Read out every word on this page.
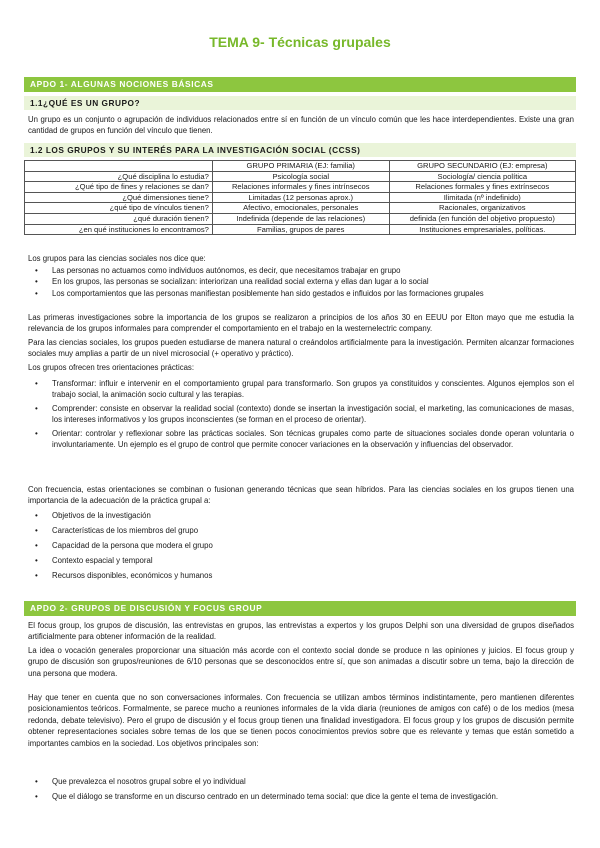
TEMA 9- Técnicas grupales
APDO 1- ALGUNAS NOCIONES BÁSICAS
1.1¿QUÉ ES UN GRUPO?

Un grupo es un conjunto o agrupación de individuos relacionados entre sí en función de un vínculo común que les hace interdependientes. Existe una gran cantidad de grupos en función del vínculo que tienen.

1.2 LOS GRUPOS Y SU INTERÉS PARA LA INVESTIGACIÓN SOCIAL (CCSS)
	GRUPO PRIMARIA (EJ: familia)	GRUPO SECUNDARIO (EJ: empresa)
¿Qué disciplina lo estudia?	Psicología social	Sociología/ ciencia política
¿Qué tipo de fines y relaciones se dan?	Relaciones informales y fines intrínsecos	Relaciones formales y fines extrínsecos
¿Qué dimensiones tiene?	Limitadas (12 personas aprox.)	Ilimitada (nº indefinido)
¿qué tipo de vínculos tienen?	Afectivo, emocionales, personales	Racionales, organizativos
¿qué duración tienen?	Indefinida (depende de las relaciones)	definida (en función del objetivo propuesto)
¿en qué instituciones lo encontramos?	Familias, grupos de pares	Instituciones empresariales, políticas.

Los grupos para las ciencias sociales nos dice que:

• Las personas no actuamos como individuos autónomos, es decir, que necesitamos trabajar en grupo
• En los grupos, las personas se socializan: interiorizan una realidad social externa y ellas dan lugar a lo social
• Los comportamientos que las personas manifiestan posiblemente han sido gestados e influidos por las formaciones grupales

Las primeras investigaciones sobre la importancia de los grupos se realizaron a principios de los años 30 en EEUU por Elton mayo que me estudia la relevancia de los grupos informales para comprender el comportamiento en el trabajo en la westernelectric company.

Para las ciencias sociales, los grupos pueden estudiarse de manera natural o creándolos artificialmente para la investigación. Permiten alcanzar formaciones sociales muy amplias a partir de un nivel microsocial (+ operativo y práctico).

Los grupos ofrecen tres orientaciones prácticas:

• Transformar: influir e intervenir en el comportamiento grupal para transformarlo. Son grupos ya constituidos y conscientes. Algunos ejemplos son el trabajo social, la animación socio cultural y las terapias.
• Comprender: consiste en observar la realidad social (contexto) donde se insertan la investigación social, el marketing, las comunicaciones de masas, los intereses informativos y los grupos inconscientes (se forman en el proceso de orientar).
• Orientar: controlar y reflexionar sobre las prácticas sociales. Son técnicas grupales como parte de situaciones sociales donde operan voluntaria o involuntariamente. Un ejemplo es el grupo de control que permite conocer variaciones en la observación y influencias del observador.

Con frecuencia, estas orientaciones se combinan o fusionan generando técnicas que sean híbridos. Para las ciencias sociales en los grupos tienen una importancia de la adecuación de la práctica grupal a:

• Objetivos de la investigación
• Características de los miembros del grupo
• Capacidad de la persona que modera el grupo
• Contexto espacial y temporal
• Recursos disponibles, económicos y humanos
APDO 2- GRUPOS DE DISCUSIÓN Y FOCUS GROUP

El focus group, los grupos de discusión, las entrevistas en grupos, las entrevistas a expertos y los grupos Delphi son una diversidad de grupos diseñados artificialmente para obtener información de la realidad.

La idea o vocación generales proporcionar una situación más acorde con el contexto social donde se produce n las opiniones y juicios. El focus group y grupo de discusión son grupos/reuniones de 6/10 personas que se desconocidos entre sí, que son animadas a discutir sobre un tema, bajo la dirección de una persona que modera.

Hay que tener en cuenta que no son conversaciones informales. Con frecuencia se utilizan ambos términos indistintamente, pero mantienen diferentes posicionamientos teóricos. Formalmente, se parece mucho a reuniones informales de la vida diaria (reuniones de amigos con café) o de los medios (mesa redonda, debate televisivo). Pero el grupo de discusión y el focus group tienen una finalidad investigadora. El focus group y los grupos de discusión permite obtener representaciones sociales sobre temas de los que se tienen pocos conocimientos previos sobre que es relevante y temas que están sometido a importantes cambios en la sociedad. Los objetivos principales son:

• Que prevalezca el nosotros grupal sobre el yo individual
• Que el diálogo se transforme en un discurso centrado en un determinado tema social: que dice la gente el tema de investigación.
